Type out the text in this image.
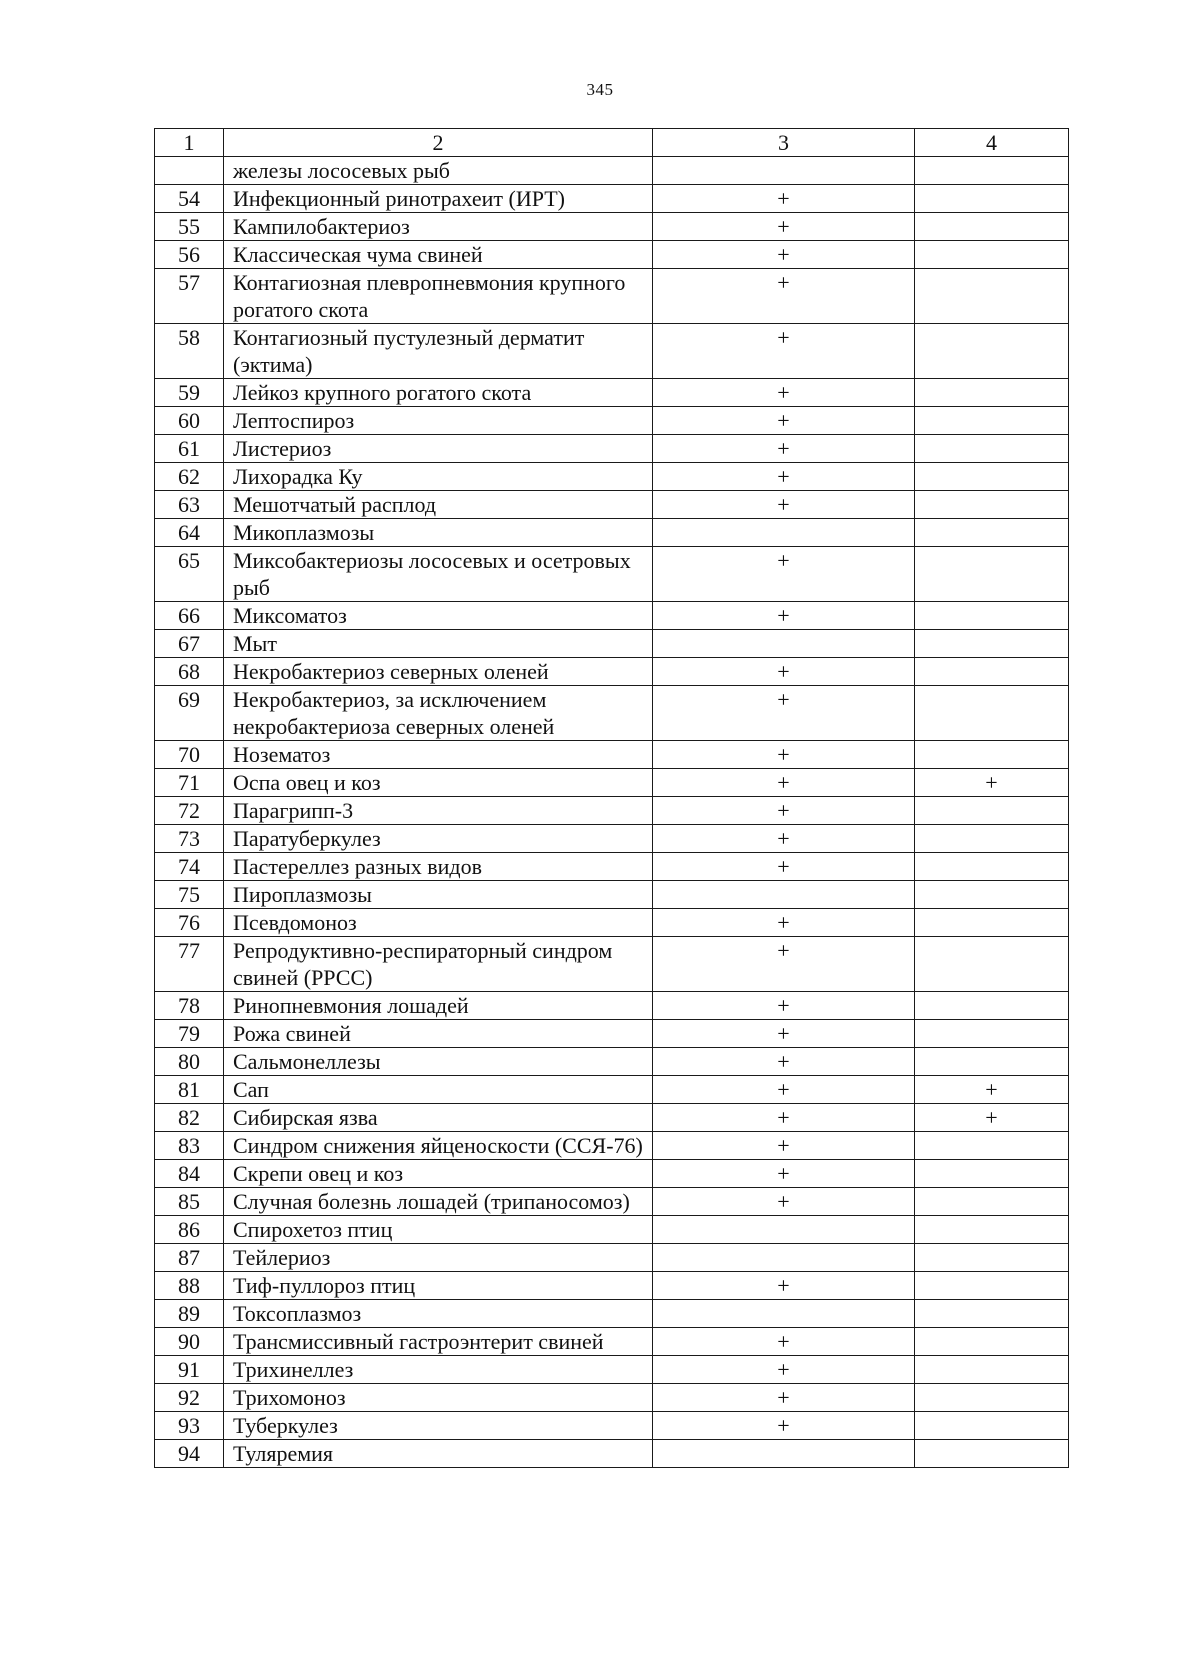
345
1	2	3	4
	железы лососевых рыб		
54	Инфекционный ринотрахеит (ИРТ)	+	
55	Кампилобактериоз	+	
56	Классическая чума свиней	+	
57	Контагиозная плевропневмония крупного рогатого скота	+	
58	Контагиозный пустулезный дерматит (эктима)	+	
59	Лейкоз крупного рогатого скота	+	
60	Лептоспироз	+	
61	Листериоз	+	
62	Лихорадка Ку	+	
63	Мешотчатый расплод	+	
64	Микоплазмозы		
65	Миксобактериозы лососевых и осетровых рыб	+	
66	Миксоматоз	+	
67	Мыт		
68	Некробактериоз северных оленей	+	
69	Некробактериоз, за исключением некробактериоза северных оленей	+	
70	Нозематоз	+	
71	Оспа овец и коз	+	+
72	Парагрипп-3	+	
73	Паратуберкулез	+	
74	Пастереллез разных видов	+	
75	Пироплазмозы		
76	Псевдомоноз	+	
77	Репродуктивно-респираторный синдром свиней (РРСС)	+	
78	Ринопневмония лошадей	+	
79	Рожа свиней	+	
80	Сальмонеллезы	+	
81	Сап	+	+
82	Сибирская язва	+	+
83	Синдром снижения яйценоскости (ССЯ-76)	+	
84	Скрепи овец и коз	+	
85	Случная болезнь лошадей (трипаносомоз)	+	
86	Спирохетоз птиц		
87	Тейлериоз		
88	Тиф-пуллороз птиц	+	
89	Токсоплазмоз		
90	Трансмиссивный гастроэнтерит свиней	+	
91	Трихинеллез	+	
92	Трихомоноз	+	
93	Туберкулез	+	
94	Туляремия		
